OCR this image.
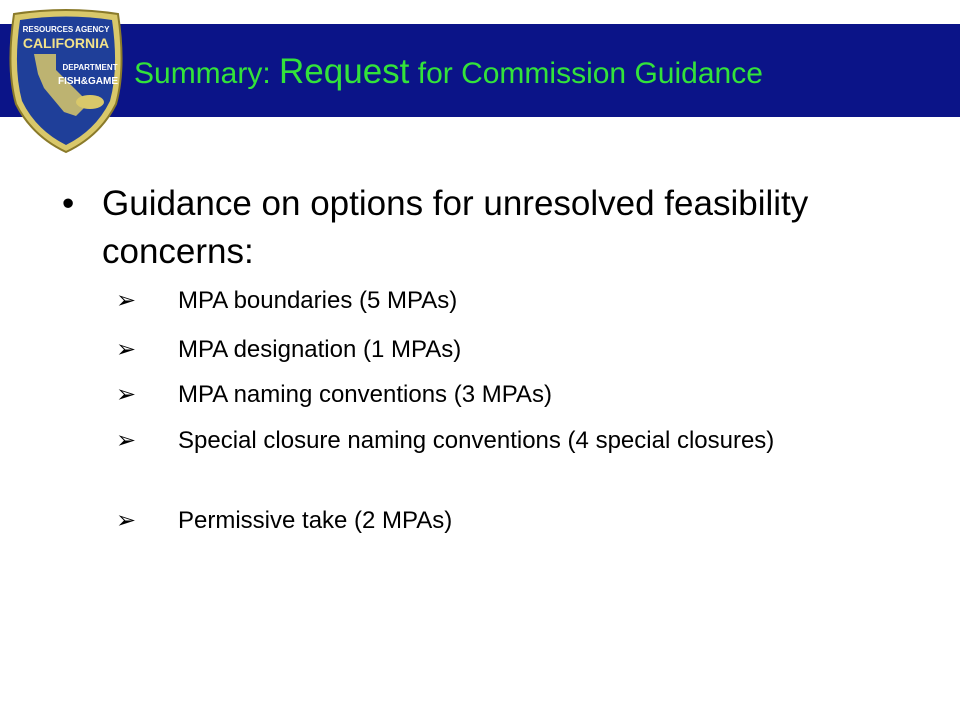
Summary: Request for Commission Guidance
RESOURCES AGENCY
CALIFORNIA
DEPARTMENT
FISH&GAME
• Guidance on options for unresolved feasibility concerns:
➢	MPA boundaries (5 MPAs)
➢	MPA designation (1 MPAs)
➢	MPA naming conventions (3 MPAs)
➢	Special closure naming conventions (4 special closures)
➢	Permissive take (2 MPAs)
